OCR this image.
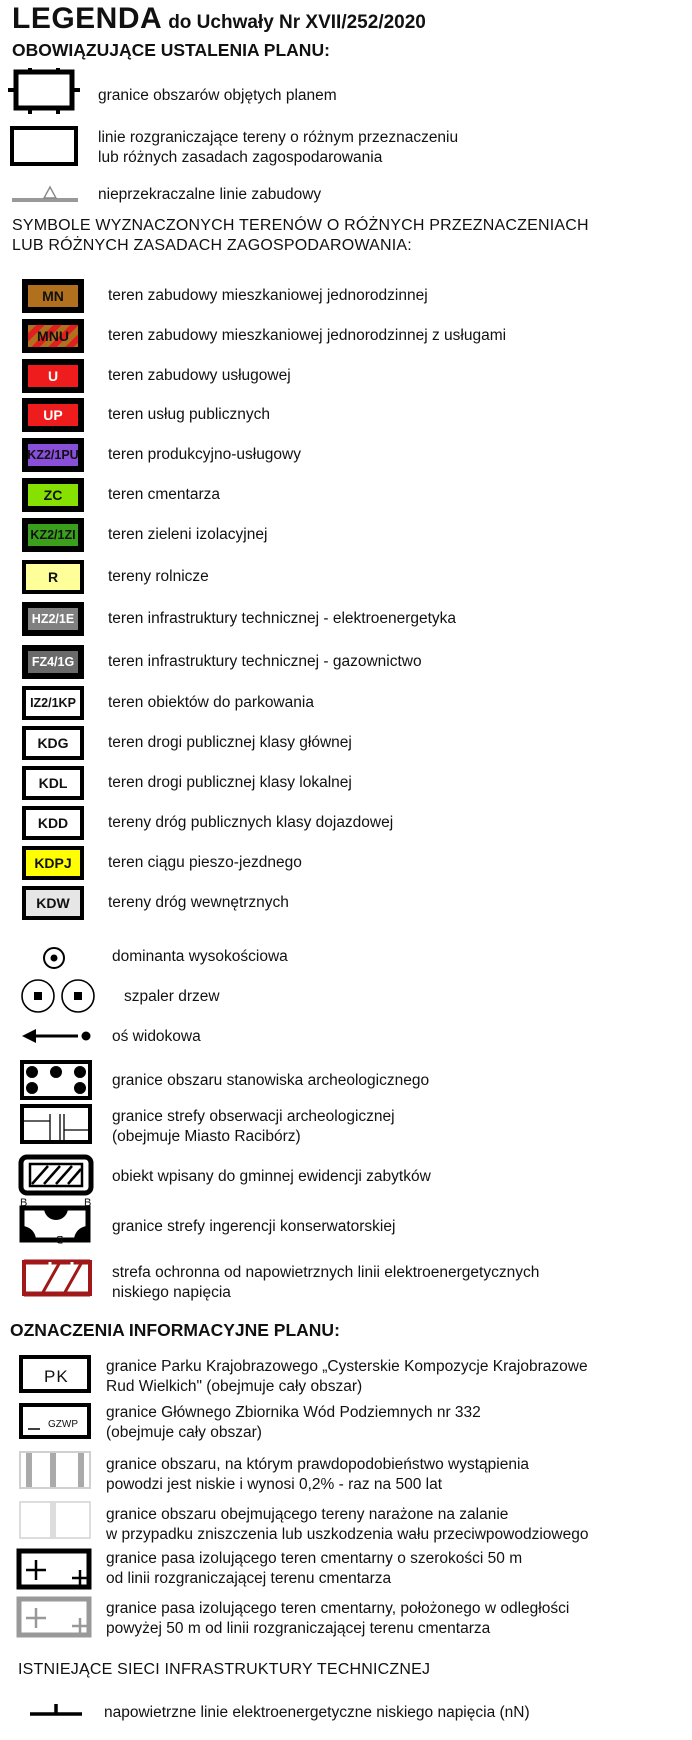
LEGENDA do Uchwały Nr XVII/252/2020
OBOWIĄZUJĄCE USTALENIA PLANU:
granice obszarów objętych planem
linie rozgraniczające tereny o różnym przeznaczeniu
lub różnych zasadach zagospodarowania
nieprzekraczalne linie zabudowy
SYMBOLE WYZNACZONYCH TERENÓW O RÓŻNYCH PRZEZNACZENIACH
LUB RÓŻNYCH ZASADACH ZAGOSPODAROWANIA:
MN	teren zabudowy mieszkaniowej jednorodzinnej
MNU	teren zabudowy mieszkaniowej jednorodzinnej z usługami
U	teren zabudowy usługowej
UP	teren usług publicznych
KZ2/1PU teren produkcyjno-usługowy
ZC	teren cmentarza
KZ2/1ZI teren zieleni izolacyjnej
R	tereny rolnicze
HZ2/1E teren infrastruktury technicznej - elektroenergetyka
FZ4/1G teren infrastruktury technicznej - gazownictwo
IZ2/1KP teren obiektów do parkowania
KDG	teren drogi publicznej klasy głównej
KDL	teren drogi publicznej klasy lokalnej
KDD	tereny dróg publicznych klasy dojazdowej
KDPJ	teren ciągu pieszo-jezdnego
KDW	tereny dróg wewnętrznych
dominanta wysokościowa
szpaler drzew
oś widokowa
granice obszaru stanowiska archeologicznego
granice strefy obserwacji archeologicznej
(obejmuje Miasto Racibórz)
obiekt wpisany do gminnej ewidencji zabytków
B	B
B
granice strefy ingerencji konserwatorskiej
strefa ochronna od napowietrznych linii elektroenergetycznych
niskiego napięcia
OZNACZENIA INFORMACYJNE PLANU:
PK
granice Parku Krajobrazowego „Cysterskie Kompozycje Krajobrazowe
Rud Wielkich" (obejmuje cały obszar)
GZWP
granice Głównego Zbiornika Wód Podziemnych nr 332
(obejmuje cały obszar)
granice obszaru, na którym prawdopodobieństwo wystąpienia
powodzi jest niskie i wynosi 0,2% - raz na 500 lat
granice obszaru obejmującego tereny narażone na zalanie
w przypadku zniszczenia lub uszkodzenia wału przeciwpowodziowego
granice pasa izolującego teren cmentarny o szerokości 50 m
od linii rozgraniczającej terenu cmentarza
granice pasa izolującego teren cmentarny, położonego w odległości
powyżej 50 m od linii rozgraniczającej terenu cmentarza
ISTNIEJĄCE SIECI INFRASTRUKTURY TECHNICZNEJ
napowietrzne linie elektroenergetyczne niskiego napięcia (nN)
